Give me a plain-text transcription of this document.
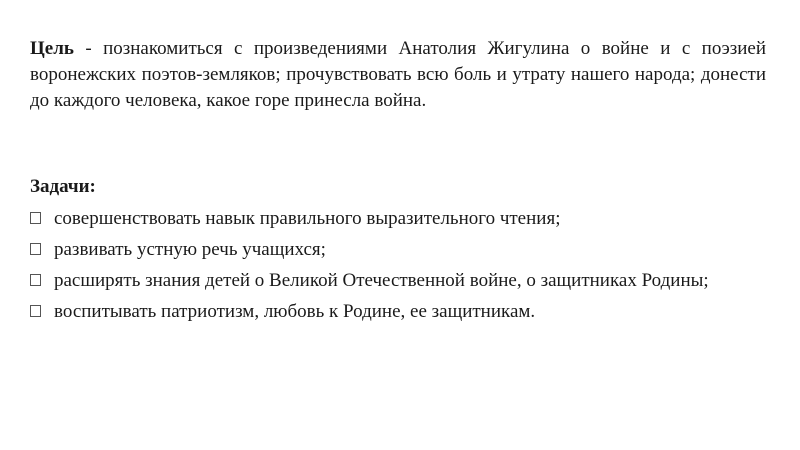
Цель - познакомиться с произведениями Анатолия Жигулина о войне и с поэзией воронежских поэтов-земляков; прочувствовать всю боль и утрату нашего народа; донести до каждого человека, какое горе принесла война.

Задачи:
совершенствовать навык правильного выразительного чтения;
развивать устную речь учащихся;
расширять знания детей о Великой Отечественной войне, о защитниках Родины;
воспитывать патриотизм, любовь к Родине, ее защитникам.
